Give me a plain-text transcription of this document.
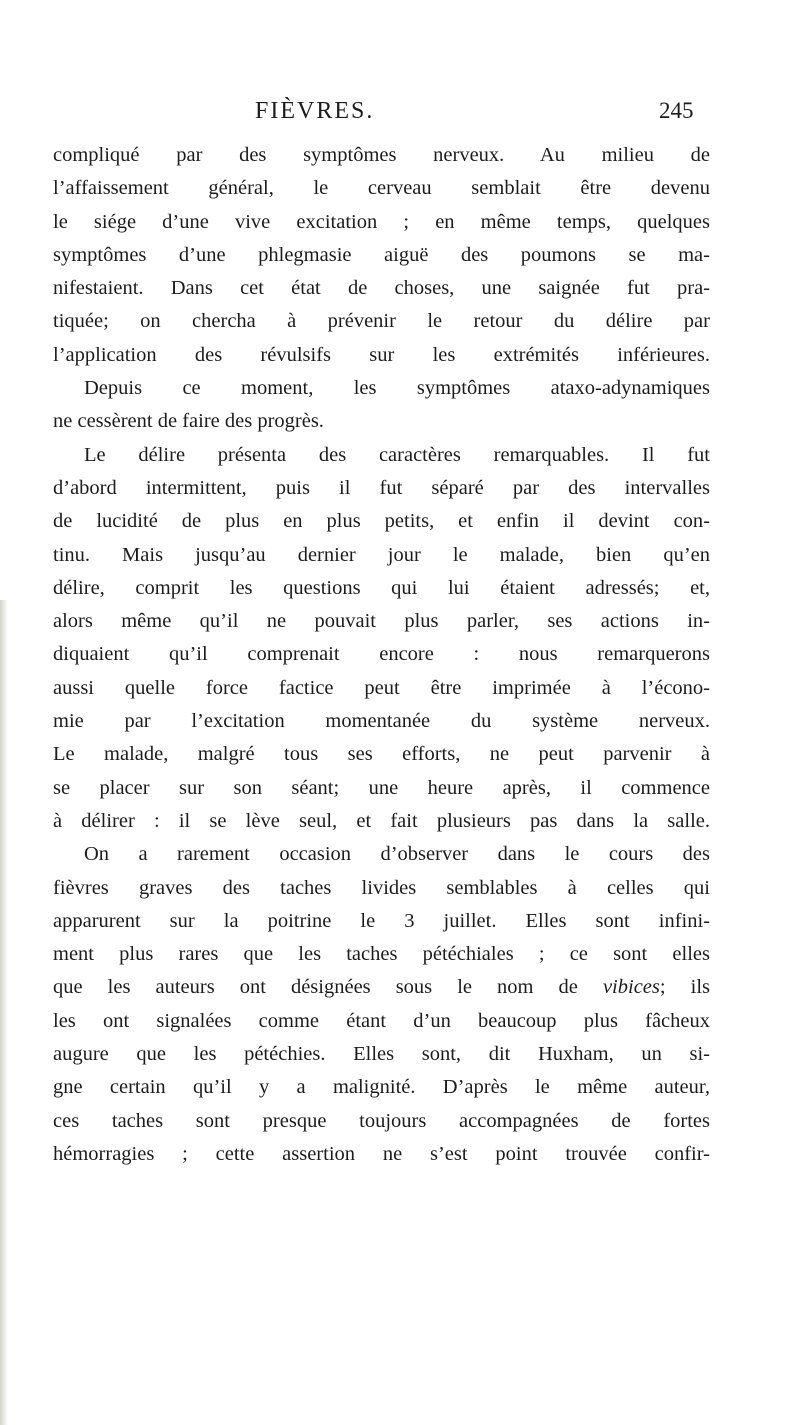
FIÈVRES.	245
compliqué par des symptômes nerveux. Au milieu de
l’affaissement général, le cerveau semblait être devenu
le siége d’une vive excitation ; en même temps, quelques
symptômes d’une phlegmasie aiguë des poumons se ma-
nifestaient. Dans cet état de choses, une saignée fut pra-
tiquée; on chercha à prévenir le retour du délire par
l’application des révulsifs sur les extrémités inférieures.
Depuis ce moment, les symptômes ataxo-adynamiques
ne cessèrent de faire des progrès.
Le délire présenta des caractères remarquables. Il fut
d’abord intermittent, puis il fut séparé par des intervalles
de lucidité de plus en plus petits, et enfin il devint con-
tinu. Mais jusqu’au dernier jour le malade, bien qu’en
délire, comprit les questions qui lui étaient adressés; et,
alors même qu’il ne pouvait plus parler, ses actions in-
diquaient qu’il comprenait encore : nous remarquerons
aussi quelle force factice peut être imprimée à l’écono-
mie par l’excitation momentanée du système nerveux.
Le malade, malgré tous ses efforts, ne peut parvenir à
se placer sur son séant; une heure après, il commence
à délirer : il se lève seul, et fait plusieurs pas dans la salle.
On a rarement occasion d’observer dans le cours des
fièvres graves des taches livides semblables à celles qui
apparurent sur la poitrine le 3 juillet. Elles sont infini-
ment plus rares que les taches pétéchiales ; ce sont elles
que les auteurs ont désignées sous le nom de vibices; ils
les ont signalées comme étant d’un beaucoup plus fâcheux
augure que les pétéchies. Elles sont, dit Huxham, un si-
gne certain qu’il y a malignité. D’après le même auteur,
ces taches sont presque toujours accompagnées de fortes
hémorragies ; cette assertion ne s’est point trouvée confir-
